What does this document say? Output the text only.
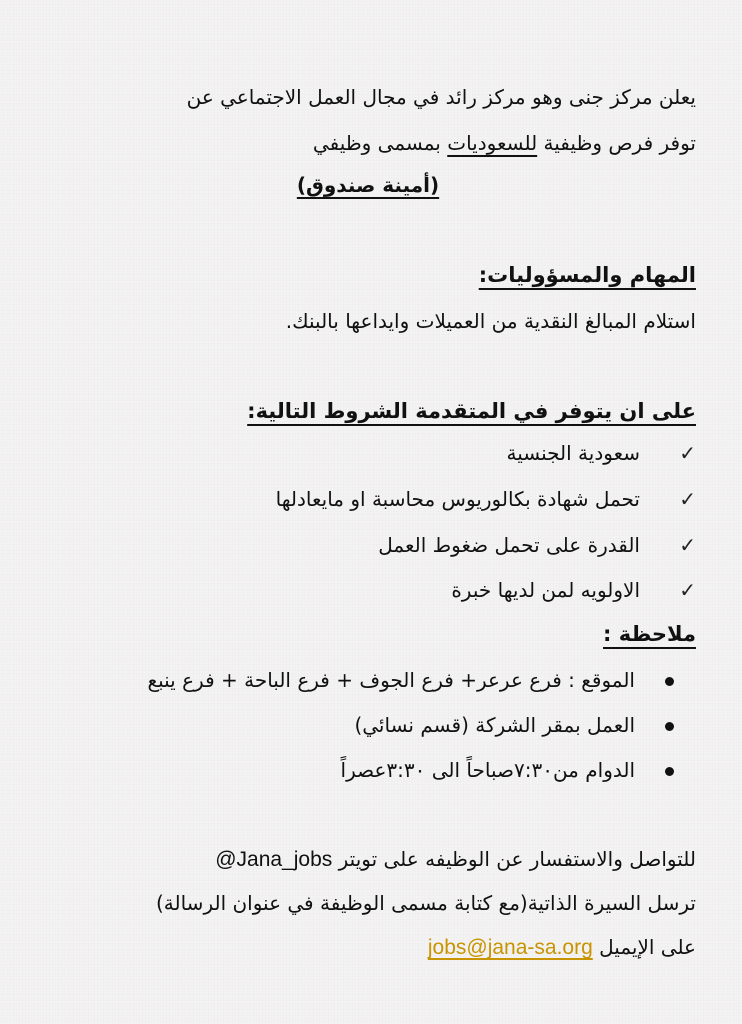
يعلن مركز جنى وهو مركز رائد في مجال العمل الاجتماعي عن
توفر فرص وظيفية للسعوديات بمسمى وظيفي
(أمينة صندوق)
المهام والمسؤوليات:
استلام المبالغ النقدية من العميلات وايداعها بالبنك.
على ان يتوفر في المتقدمة الشروط التالية:
✓سعودية الجنسية
✓تحمل شهادة بكالوريوس محاسبة او مايعادلها
✓القدرة على تحمل ضغوط العمل
✓الاولويه لمن لديها خبرة
ملاحظة :
الموقع : فرع عرعر+ فرع الجوف + فرع الباحة + فرع ينبع
العمل بمقر الشركة (قسم نسائي)
الدوام من٧:٣٠صباحاً الى ٣:٣٠عصراً
للتواصل والاستفسار عن الوظيفه على تويتر @Jana_jobs
ترسل السيرة الذاتية(مع كتابة مسمى الوظيفة في عنوان الرسالة)
على الإيميل jobs@jana-sa.org
